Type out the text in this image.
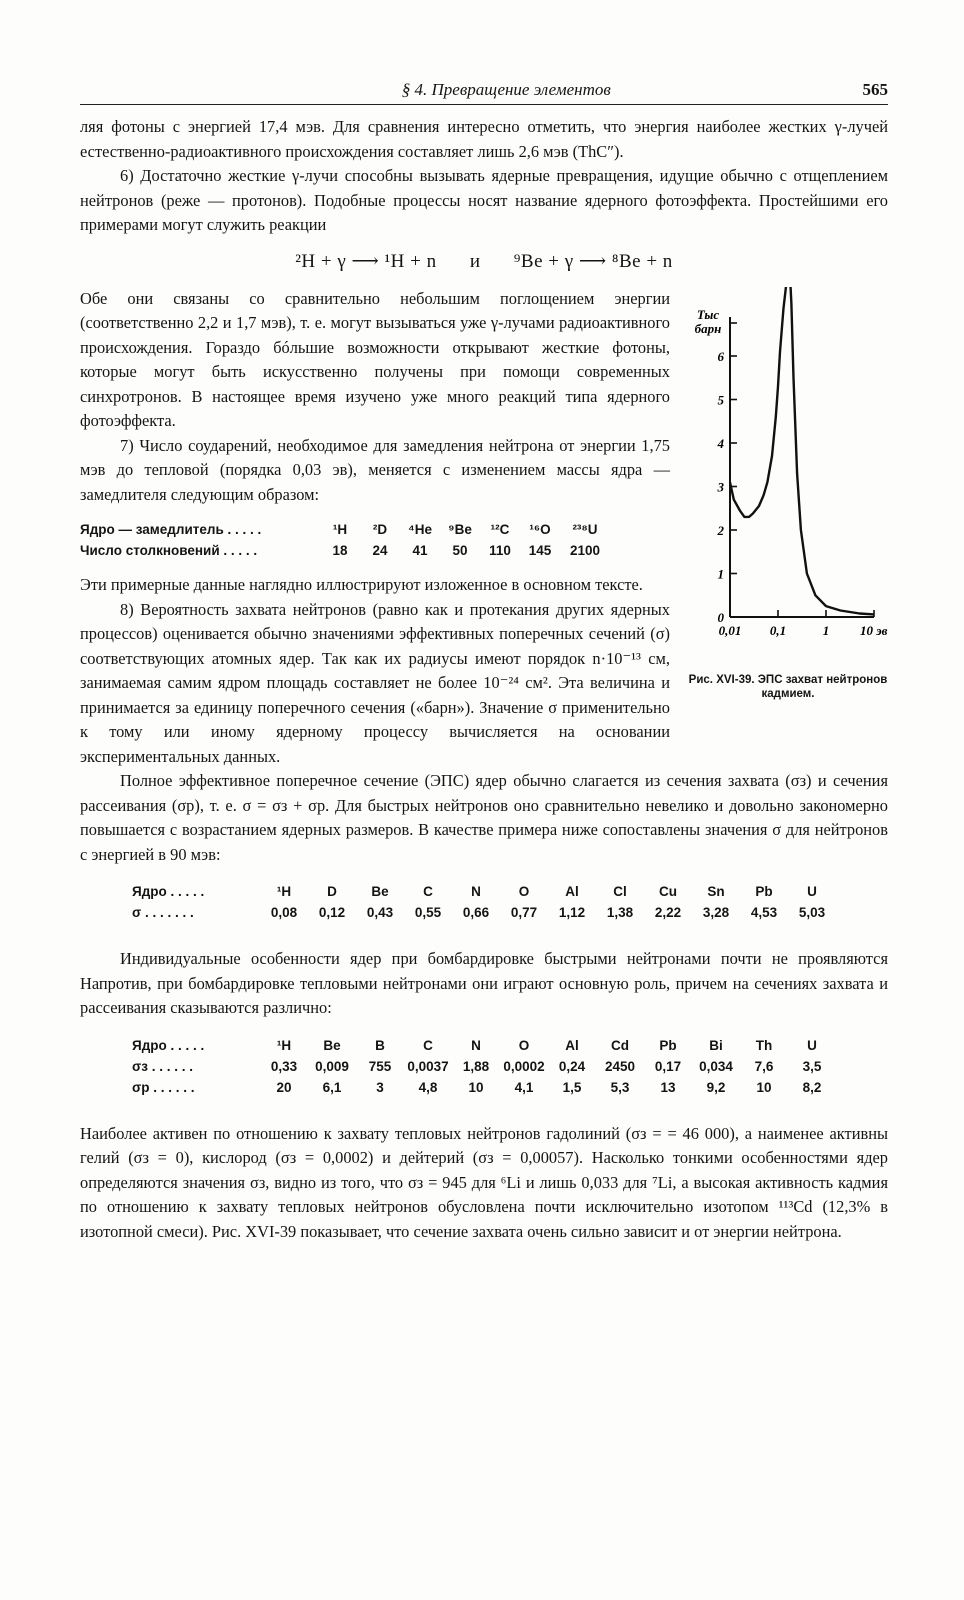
§ 4. Превращение элементов	565

ляя фотоны с энергией 17,4 мэв. Для сравнения интересно отметить, что энергия наиболее жестких γ-лучей естественно-радиоактивного происхождения составляет лишь 2,6 мэв (ThC″).

6) Достаточно жесткие γ-лучи способны вызывать ядерные превращения, идущие обычно с отщеплением нейтронов (реже — протонов). Подобные процессы носят название ядерного фотоэффекта. Простейшими его примерами могут служить реакции

²H + γ ⟶ ¹H + n и ⁹Be + γ ⟶ ⁸Be + n
0
1
2
3
4
5
6
Тыс
барн
0,01 0,1	1 10 эв
Рис. XVI-39. ЭПС захват нейтронов кадмием.

Обе они связаны со сравнительно небольшим поглощением энергии (соответственно 2,2 и 1,7 мэв), т. е. могут вызываться уже γ-лучами радиоактивного происхождения. Гораздо бóльшие возможности открывают жесткие фотоны, которые могут быть искусственно получены при помощи современных синхротронов. В настоящее время изучено уже много реакций типа ядерного фотоэффекта.

7) Число соударений, необходимое для замедления нейтрона от энергии 1,75 мэв до тепловой (порядка 0,03 эв), меняется с изменением массы ядра — замедлителя следующим образом:

Ядро — замедлитель . . . . .	¹H	²D	⁴He	⁹Be	¹²C	¹⁶O	²³⁸U
Число столкновений . . . . .	18	24	41	50	110	145	2100

Эти примерные данные наглядно иллюстрируют изложенное в основном тексте.

8) Вероятность захвата нейтронов (равно как и протекания других ядерных процессов) оценивается обычно значениями эффективных поперечных сечений (σ) соответствующих атомных ядер. Так как их радиусы имеют порядок n·10⁻¹³ см, занимаемая самим ядром площадь составляет не более 10⁻²⁴ см². Эта величина и принимается за единицу поперечного сечения («барн»). Значение σ применительно к тому или иному ядерному процессу вычисляется на основании экспериментальных данных.

Полное эффективное поперечное сечение (ЭПС) ядер обычно слагается из сечения захвата (σз) и сечения рассеивания (σр), т. е. σ = σз + σр. Для быстрых нейтронов оно сравнительно невелико и довольно закономерно повышается с возрастанием ядерных размеров. В качестве примера ниже сопоставлены значения σ для нейтронов с энергией в 90 мэв:

Ядро . . . . .	¹H	D	Be	C	N	O	Al	Cl	Cu	Sn	Pb	U
σ . . . . . . .	0,08	0,12	0,43	0,55	0,66	0,77	1,12	1,38	2,22	3,28	4,53	5,03

Индивидуальные особенности ядер при бомбардировке быстрыми нейтронами почти не проявляются Напротив, при бомбардировке тепловыми нейтронами они играют основную роль, причем на сечениях захвата и рассеивания сказываются различно:

Ядро . . . . .	¹H	Be	B	C	N	O	Al	Cd	Pb	Bi	Th	U
σз . . . . . .	0,33	0,009	755	0,0037	1,88	0,0002	0,24	2450	0,17	0,034	7,6	3,5
σр . . . . . .	20	6,1	3	4,8	10	4,1	1,5	5,3	13	9,2	10	8,2

Наиболее активен по отношению к захвату тепловых нейтронов гадолиний (σз = = 46 000), а наименее активны гелий (σз = 0), кислород (σз = 0,0002) и дейтерий (σз = 0,00057). Насколько тонкими особенностями ядер определяются значения σз, видно из того, что σз = 945 для ⁶Li и лишь 0,033 для ⁷Li, а высокая активность кадмия по отношению к захвату тепловых нейтронов обусловлена почти исключительно изотопом ¹¹³Cd (12,3% в изотопной смеси). Рис. XVI-39 показывает, что сечение захвата очень сильно зависит и от энергии нейтрона.
